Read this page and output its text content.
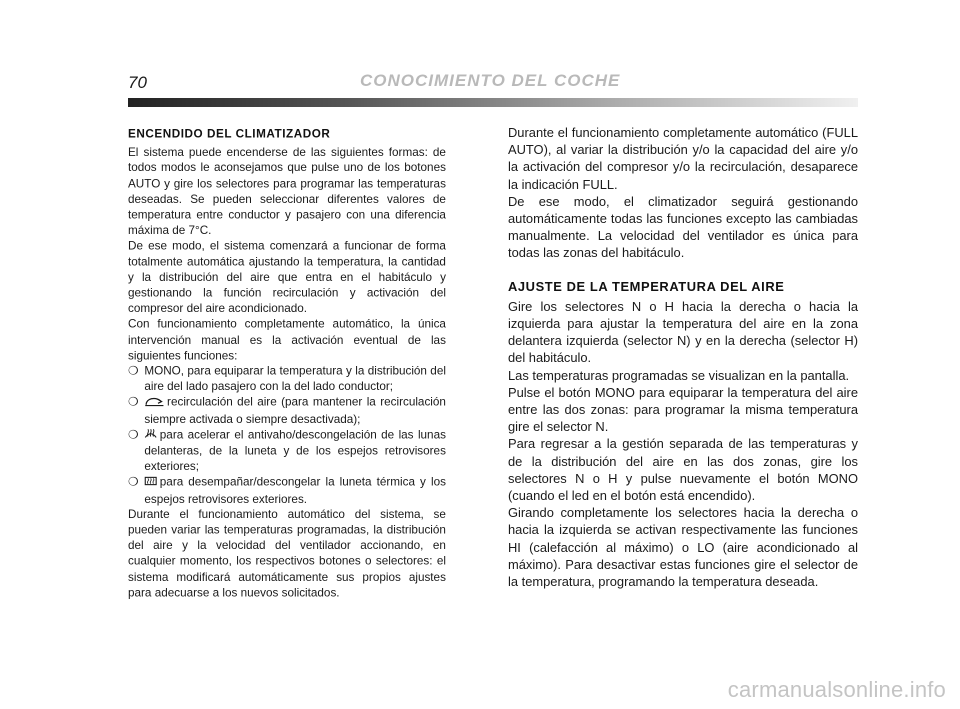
70	CONOCIMIENTO DEL COCHE
ENCENDIDO DEL CLIMATIZADOR

El sistema puede encenderse de las siguientes formas: de todos modos le aconsejamos que pulse uno de los botones AUTO y gire los selectores para programar las temperaturas deseadas. Se pueden seleccionar diferentes valores de temperatura entre conductor y pasajero con una diferencia máxima de 7°C.

De ese modo, el sistema comenzará a funcionar de forma totalmente automática ajustando la temperatura, la cantidad y la distribución del aire que entra en el habitáculo y gestionando la función recirculación y activación del compresor del aire acondicionado.

Con funcionamiento completamente automático, la única intervención manual es la activación eventual de las siguientes funciones:

❍ MONO, para equiparar la temperatura y la distribución del aire del lado pasajero con la del lado conductor;
❍	recirculación del aire (para mantener la recirculación siempre activada o siempre desactivada);
❍	para acelerar el antivaho/descongelación de las lunas delanteras, de la luneta y de los espejos retrovisores exteriores;
❍	para desempañar/descongelar la luneta térmica y los espejos retrovisores exteriores.

Durante el funcionamiento automático del sistema, se pueden variar las temperaturas programadas, la distribución del aire y la velocidad del ventilador accionando, en cualquier momento, los respectivos botones o selectores: el sistema modificará automáticamente sus propios ajustes para adecuarse a los nuevos solicitados.

Durante el funcionamiento completamente automático (FULL AUTO), al variar la distribución y/o la capacidad del aire y/o la activación del compresor y/o la recirculación, desaparece la indicación FULL.

De ese modo, el climatizador seguirá gestionando automáticamente todas las funciones excepto las cambiadas manualmente. La velocidad del ventilador es única para todas las zonas del habitáculo.

AJUSTE DE LA TEMPERATURA DEL AIRE

Gire los selectores N o H hacia la derecha o hacia la izquierda para ajustar la temperatura del aire en la zona delantera izquierda (selector N) y en la derecha (selector H) del habitáculo.

Las temperaturas programadas se visualizan en la pantalla.

Pulse el botón MONO para equiparar la temperatura del aire entre las dos zonas: para programar la misma temperatura gire el selector N.

Para regresar a la gestión separada de las temperaturas y de la distribución del aire en las dos zonas, gire los selectores N o H y pulse nuevamente el botón MONO (cuando el led en el botón está encendido).

Girando completamente los selectores hacia la derecha o hacia la izquierda se activan respectivamente las funciones HI (calefacción al máximo) o LO (aire acondicionado al máximo). Para desactivar estas funciones gire el selector de la temperatura, programando la temperatura deseada.

carmanualsonline.info
